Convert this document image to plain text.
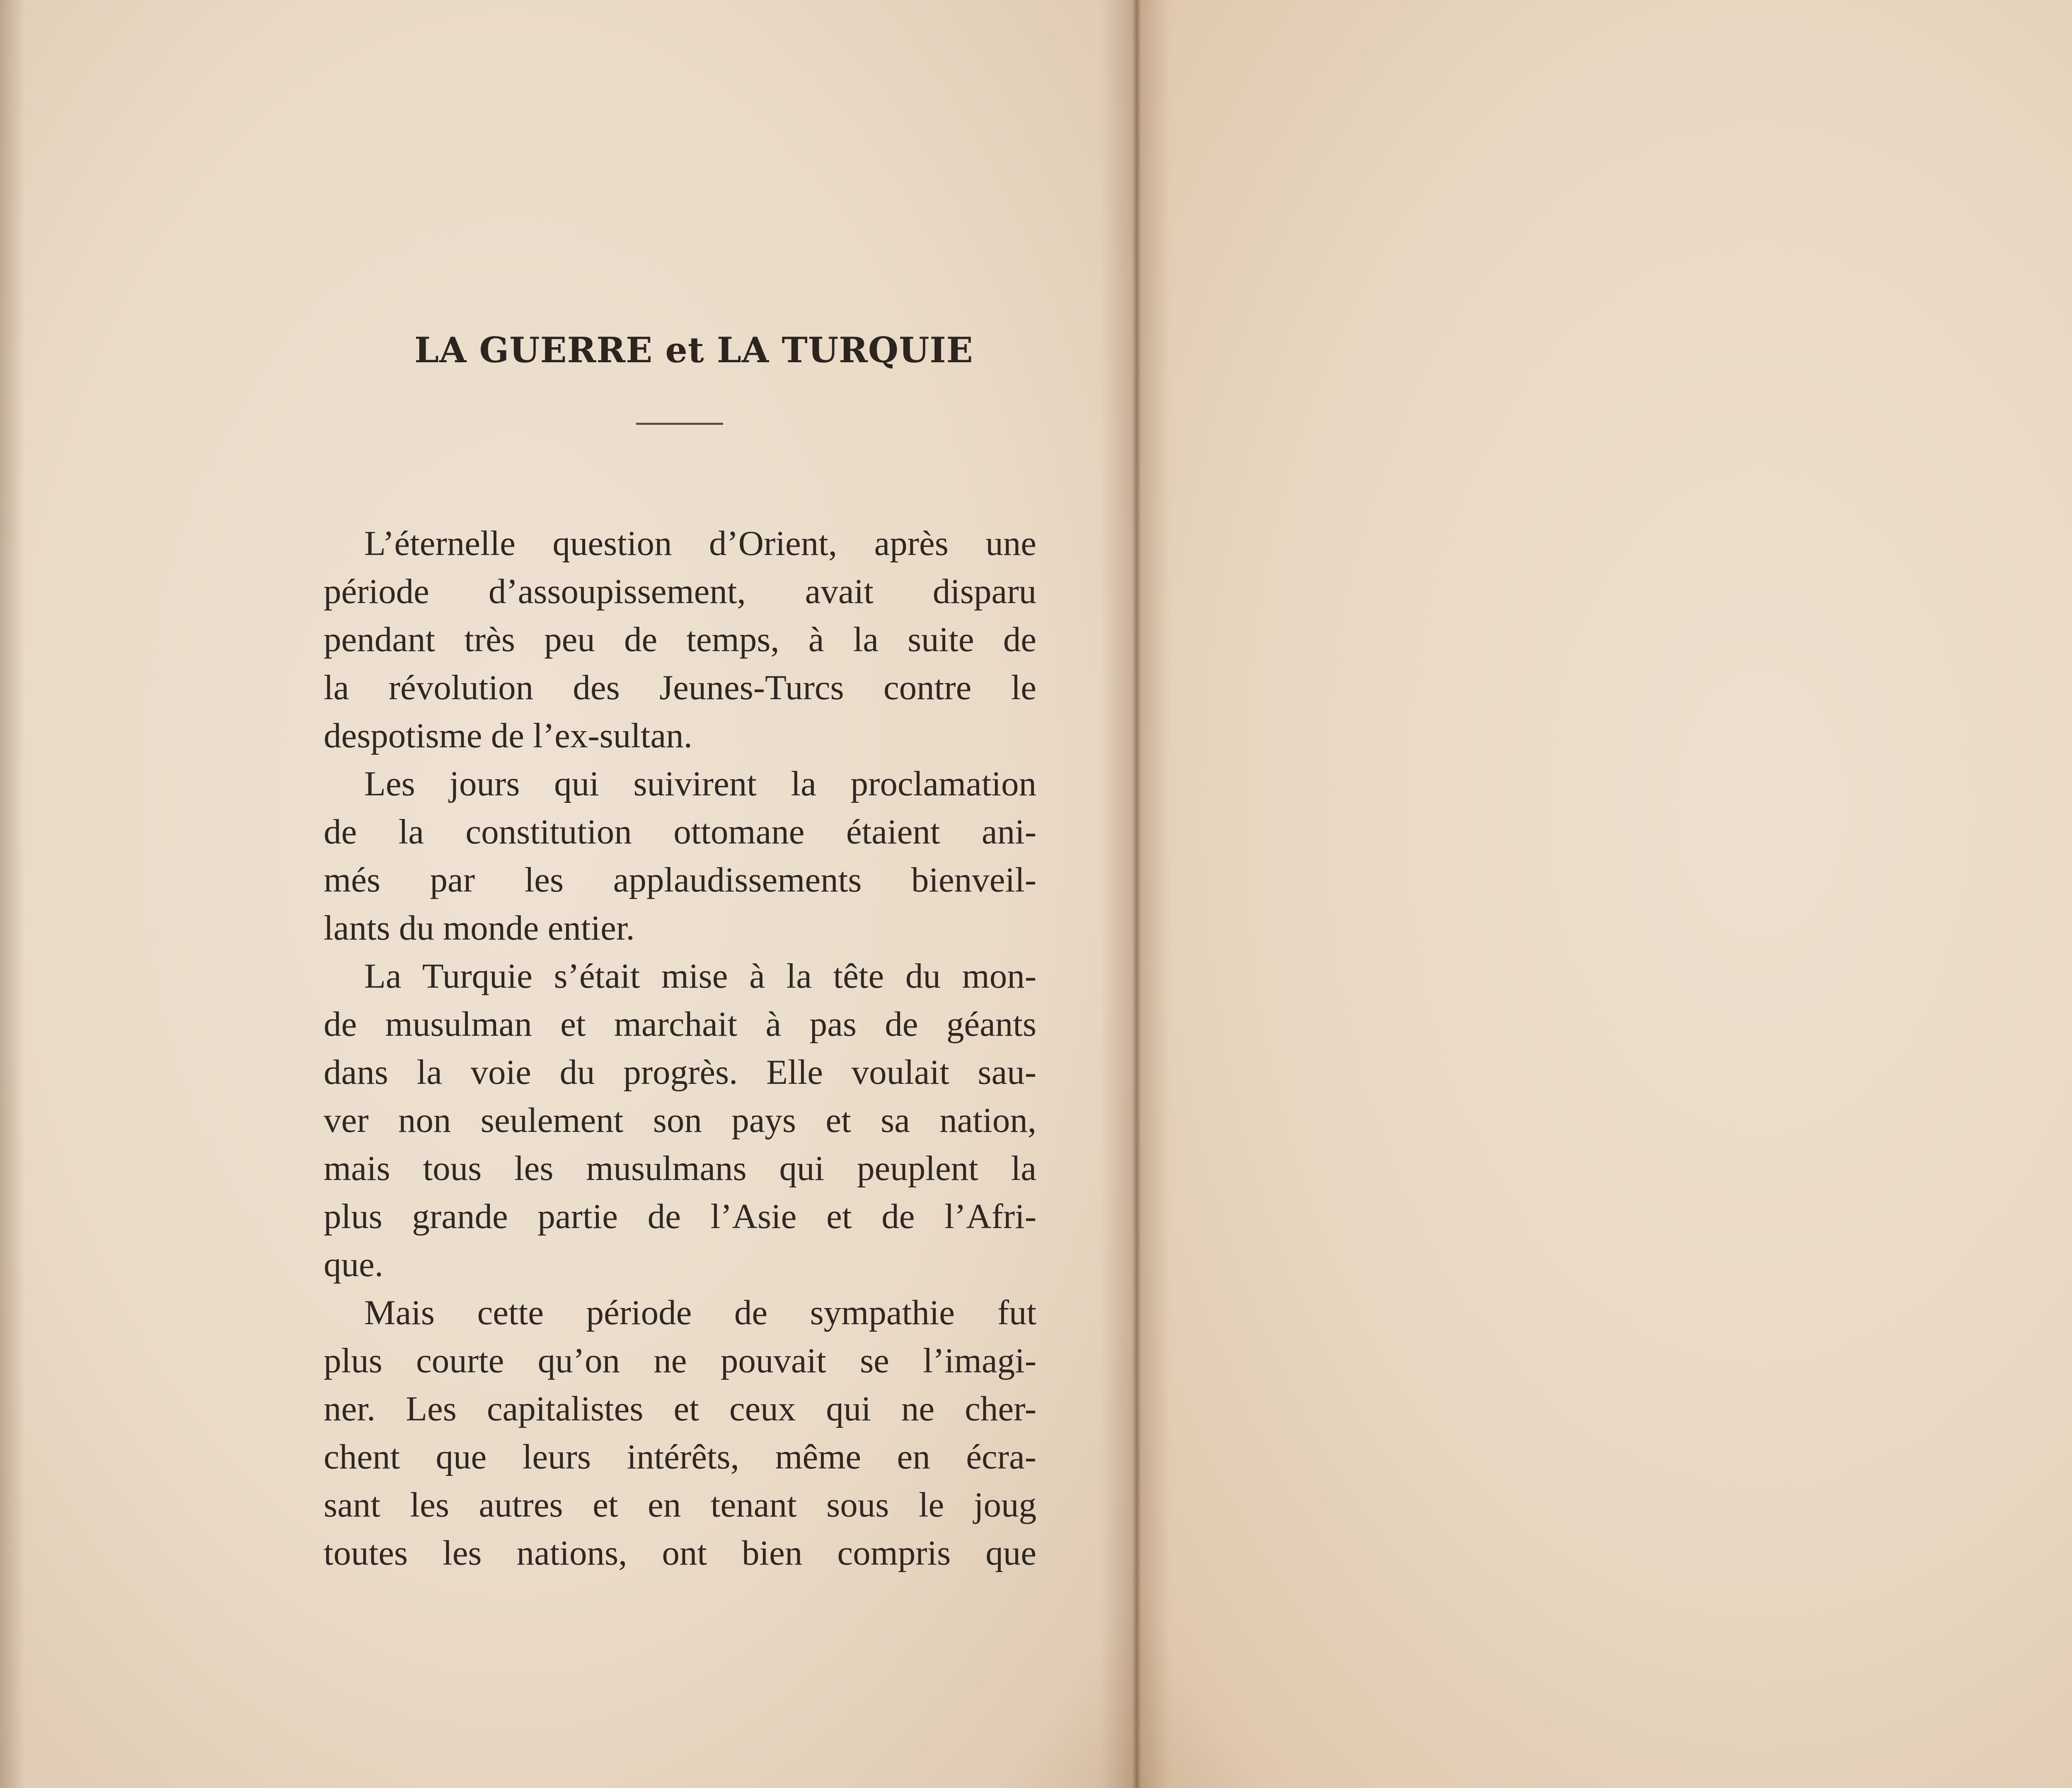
LA GUERRE et LA TURQUIE
L’éternelle question d’Orient, après une
période d’assoupissement, avait disparu
pendant très peu de temps, à la suite de
la révolution des Jeunes-Turcs contre le
despotisme de l’ex-sultan.
Les jours qui suivirent la proclamation
de la constitution ottomane étaient ani-
més par les applaudissements bienveil-
lants du monde entier.
La Turquie s’était mise à la tête du mon-
de musulman et marchait à pas de géants
dans la voie du progrès. Elle voulait sau-
ver non seulement son pays et sa nation,
mais tous les musulmans qui peuplent la
plus grande partie de l’Asie et de l’Afri-
que.
Mais cette période de sympathie fut
plus courte qu’on ne pouvait se l’imagi-
ner. Les capitalistes et ceux qui ne cher-
chent que leurs intérêts, même en écra-
sant les autres et en tenant sous le joug
toutes les nations, ont bien compris que
